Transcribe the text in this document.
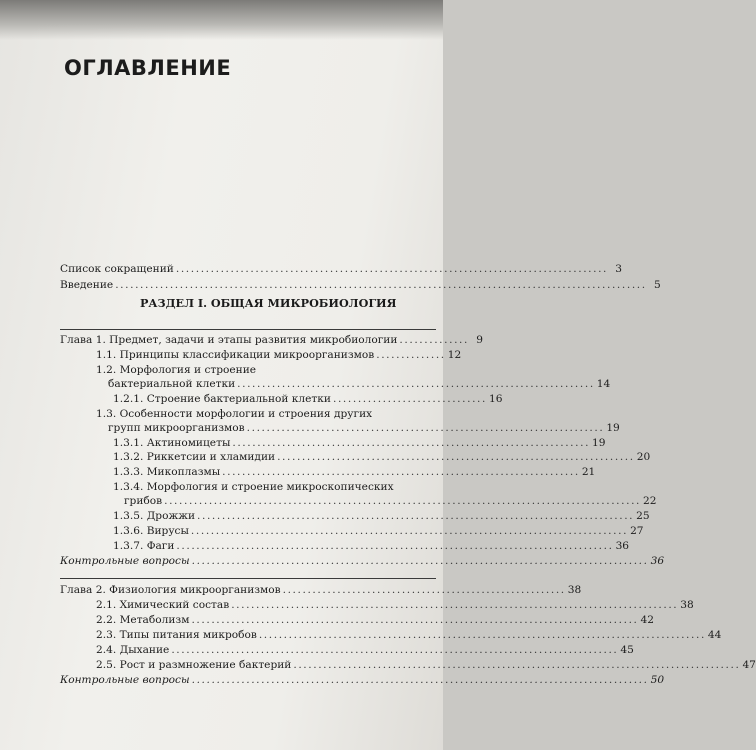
ОГЛАВЛЕНИЕ
Список сокращений ....................................................................................... 3
Введение ........................................................................................................... 5
РАЗДЕЛ I. ОБЩАЯ МИКРОБИОЛОГИЯ
Глава 1. Предмет, задачи и этапы развития микробиологии .............. 9
1.1. Принципы классификации микроорганизмов .............. 12
1.2. Морфология и строение
бактериальной клетки ........................................................................ 14
1.2.1. Строение бактериальной клетки ............................... 16
1.3. Особенности морфологии и строения других
групп микроорганизмов ........................................................................ 19
1.3.1. Актиномицеты ........................................................................ 19
1.3.2. Риккетсии и хламидии ........................................................................ 20
1.3.3. Микоплазмы ........................................................................ 21
1.3.4. Морфология и строение микроскопических
грибов ................................................................................................ 22
1.3.5. Дрожжи ........................................................................................ 25
1.3.6. Вирусы ........................................................................................ 27
1.3.7. Фаги ........................................................................................ 36
Контрольные вопросы ............................................................................................ 36
Глава 2. Физиология микроорганизмов ......................................................... 38
2.1. Химический состав .......................................................................................... 38
2.2. Метаболизм .......................................................................................... 42
2.3. Типы питания микробов .......................................................................................... 44
2.4. Дыхание .......................................................................................... 45
2.5. Рост и размножение бактерий .......................................................................................... 47
Контрольные вопросы ............................................................................................ 50
